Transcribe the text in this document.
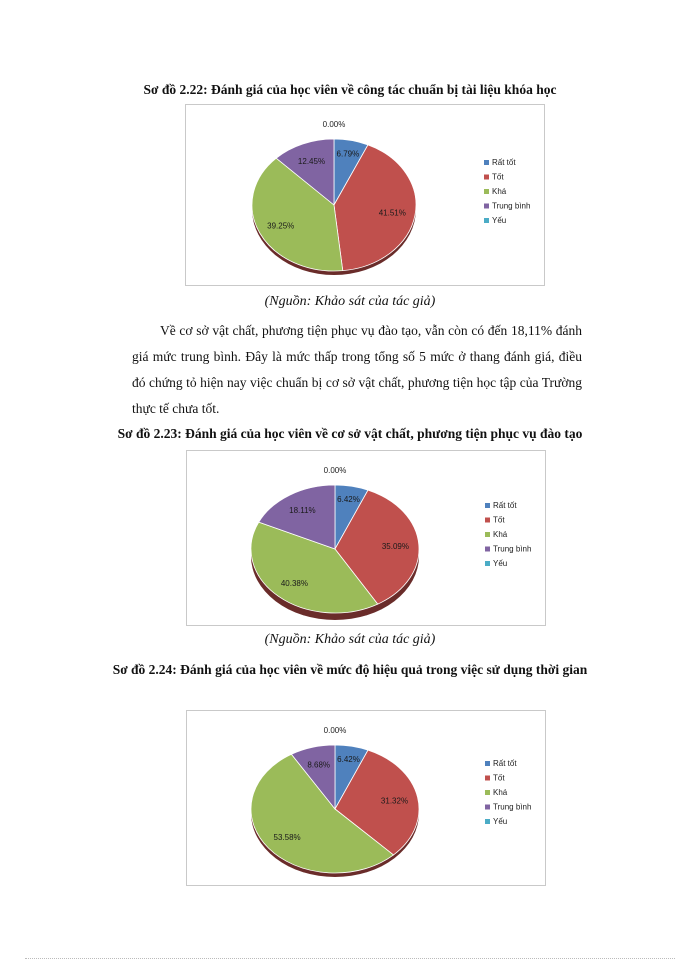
Sơ đồ 2.22: Đánh giá của học viên về công tác chuẩn bị tài liệu khóa học
6.79%
41.51%
39.25%
12.45%
0.00%
Rất tốt
Tốt
Khá
Trung bình
Yếu
(Nguồn: Khảo sát của tác giả)

Về cơ sở vật chất, phương tiện phục vụ đào tạo, vẫn còn có đến 18,11% đánh giá mức trung bình. Đây là mức thấp trong tổng số 5 mức ở thang đánh giá, điều đó chứng tỏ hiện nay việc chuẩn bị cơ sở vật chất, phương tiện học tập của Trường thực tế chưa tốt.

Sơ đồ 2.23: Đánh giá của học viên về cơ sở vật chất, phương tiện phục vụ đào tạo
6.42%
35.09%
40.38%
18.11%
0.00%
Rất tốt
Tốt
Khá
Trung bình
Yếu
(Nguồn: Khảo sát của tác giả)
Sơ đồ 2.24: Đánh giá của học viên về mức độ hiệu quả trong việc sử dụng thời gian
6.42%
31.32%
53.58%
8.68%
0.00%
Rất tốt
Tốt
Khá
Trung bình
Yếu
